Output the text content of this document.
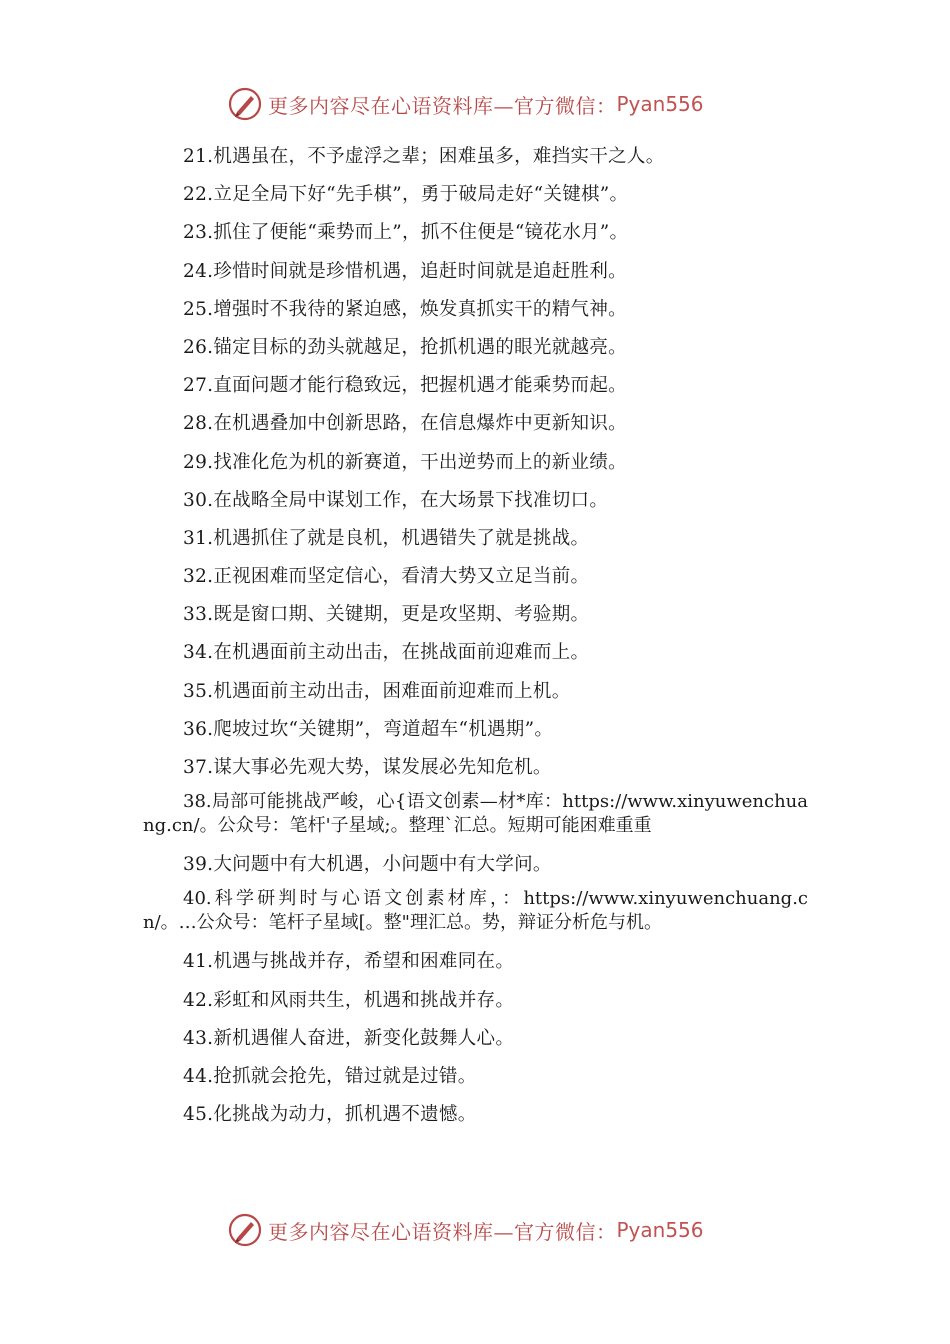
更多内容尽在心语资料库—官方微信： Pyan556
21.机遇虽在，不予虚浮之辈；困难虽多，难挡实干之人。
22.立足全局下好“先手棋”，勇于破局走好“关键棋”。
23.抓住了便能“乘势而上”，抓不住便是“镜花水月”。
24.珍惜时间就是珍惜机遇，追赶时间就是追赶胜利。
25.增强时不我待的紧迫感，焕发真抓实干的精气神。
26.锚定目标的劲头就越足，抢抓机遇的眼光就越亮。
27.直面问题才能行稳致远，把握机遇才能乘势而起。
28.在机遇叠加中创新思路，在信息爆炸中更新知识。
29.找准化危为机的新赛道，干出逆势而上的新业绩。
30.在战略全局中谋划工作，在大场景下找准切口。
31.机遇抓住了就是良机，机遇错失了就是挑战。
32.正视困难而坚定信心，看清大势又立足当前。
33.既是窗口期、关键期，更是攻坚期、考验期。
34.在机遇面前主动出击，在挑战面前迎难而上。
35.机遇面前主动出击，困难面前迎难而上机。
36.爬坡过坎“关键期”，弯道超车“机遇期”。
37.谋大事必先观大势，谋发展必先知危机。
38.局部可能挑战严峻，心{语文创素—材*库：https://www.xinyuwenchuang.cn/。公众号：笔杆'子星域;。整理`汇总。短期可能困难重重
39.大问题中有大机遇，小问题中有大学问。
40.科学研判时与心语文创素材库，：https://www.xinyuwenchuang.cn/。…公众号：笔杆子星域[。整"理汇总。势，辩证分析危与机。
41.机遇与挑战并存，希望和困难同在。
42.彩虹和风雨共生，机遇和挑战并存。
43.新机遇催人奋进，新变化鼓舞人心。
44.抢抓就会抢先，错过就是过错。
45.化挑战为动力，抓机遇不遗憾。
更多内容尽在心语资料库—官方微信： Pyan556
